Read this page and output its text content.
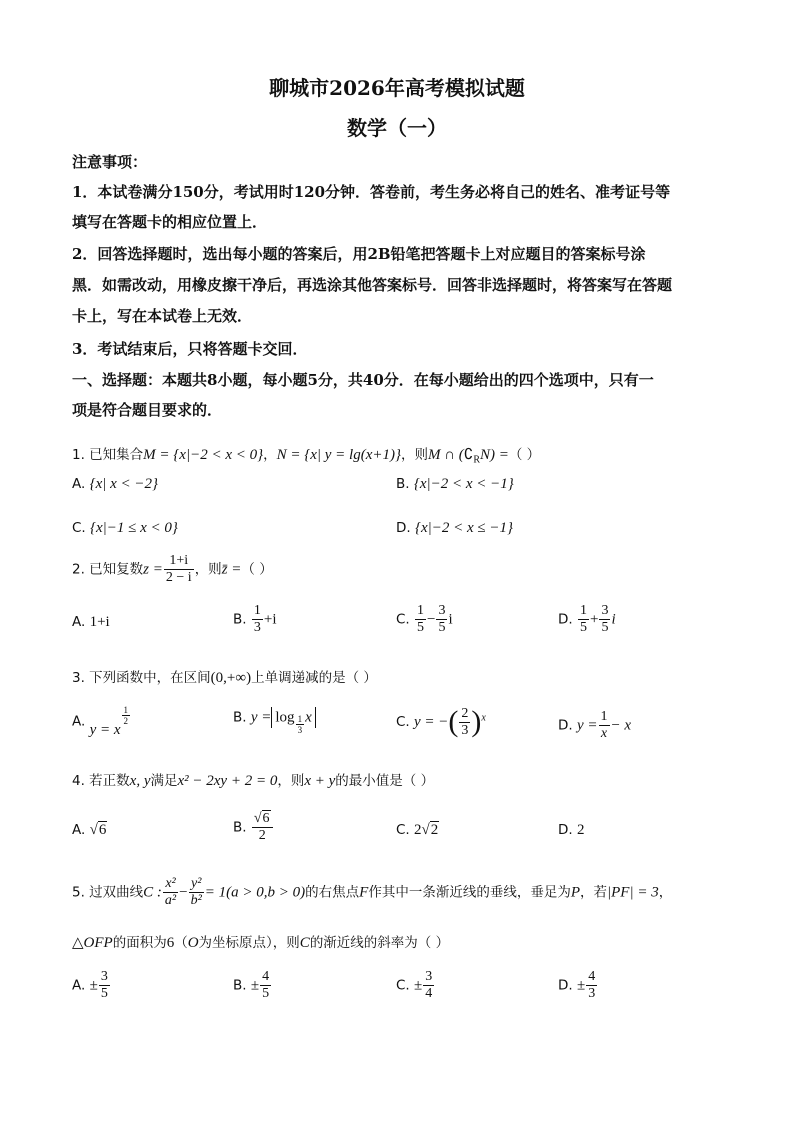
聊城市2026年高考模拟试题
数学（一）
注意事项：
1．本试卷满分150分，考试用时120分钟．答卷前，考生务必将自己的姓名、准考证号等
填写在答题卡的相应位置上．
2．回答选择题时，选出每小题的答案后，用2B铅笔把答题卡上对应题目的答案标号涂
黑．如需改动，用橡皮擦干净后，再选涂其他答案标号．回答非选择题时，将答案写在答题
卡上，写在本试卷上无效．
3．考试结束后，只将答题卡交回．
一、选择题：本题共8小题，每小题5分，共40分．在每小题给出的四个选项中，只有一
项是符合题目要求的．
1. 已知集合M = {x|−2 < x < 0}，N = {x| y = lg(x+1)}，则M ∩ $(∁_RN)$ =（ ）
A. {x| x < −2}	B. {x|−2 < x < −1}
C. {x|−1 ≤ x < 0}	D. {x|−2 < x ≤ −1}
2. 已知复数$z = \frac{1+i}{2 - i}$ ，则z̄ =（ ）
A. 1+i	B. $\frac{1}{3} +i$	C. $\frac{1}{5} - \frac{3}{5}$ i	D. $\frac{1}{5} + \frac{3}{5}$ i
3. 下列函数中，在区间(0,+∞)上单调递减的是（ ）
A. y = x
$\frac{1}{2}$	B. $y = \log \frac{1}{3}$ x	C. y = −( $\frac{2}{3} )^x$	D. $y = \frac{1}{x} - x$
4. 若正数x, y满足x² − 2xy + 2 = 0，则x + y的最小值是（ ）
A. √6	B. $\frac{√6}{2}$	C. 2√2	D. 2
5. 过双曲线C : $\frac{\text{x²}}{\text{a²}} - \frac{\text{y²}}{\text{b²}} = 1(a > 0,b > 0)$的右焦点F作其中一条渐近线的垂线，垂足为P，若|PF| = 3，
△OFP的面积为6（O为坐标原点），则C的渐近线的斜率为（ ）
A. ± $\frac{3}{5}$	B. ± $\frac{4}{5}$	C. ± $\frac{3}{4}$	D. ± $\frac{4}{3}$
